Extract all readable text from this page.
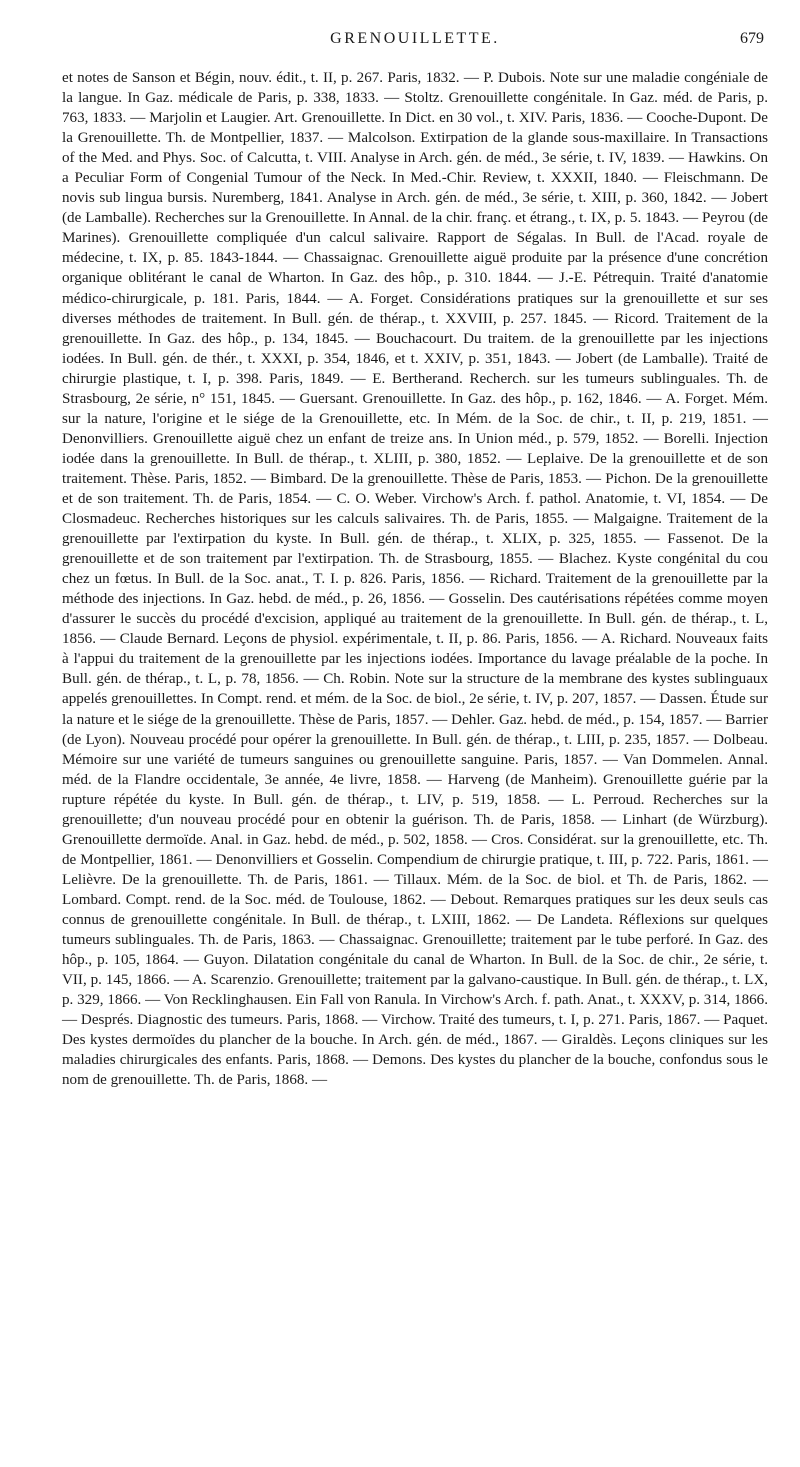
GRENOUILLETTE.	679

et notes de Sanson et Bégin, nouv. édit., t. II, p. 267. Paris, 1832. — P. Dubois. Note sur une maladie congéniale de la langue. In Gaz. médicale de Paris, p. 338, 1833. — Stoltz. Grenouillette congénitale. In Gaz. méd. de Paris, p. 763, 1833. — Marjolin et Laugier. Art. Grenouillette. In Dict. en 30 vol., t. XIV. Paris, 1836. — Cooche-Dupont. De la Grenouillette. Th. de Montpellier, 1837. — Malcolson. Extirpation de la glande sous-maxillaire. In Transactions of the Med. and Phys. Soc. of Calcutta, t. VIII. Analyse in Arch. gén. de méd., 3e série, t. IV, 1839. — Hawkins. On a Peculiar Form of Congenial Tumour of the Neck. In Med.-Chir. Review, t. XXXII, 1840. — Fleischmann. De novis sub lingua bursis. Nuremberg, 1841. Analyse in Arch. gén. de méd., 3e série, t. XIII, p. 360, 1842. — Jobert (de Lamballe). Recherches sur la Grenouillette. In Annal. de la chir. franç. et étrang., t. IX, p. 5. 1843. — Peyrou (de Marines). Grenouillette compliquée d'un calcul salivaire. Rapport de Ségalas. In Bull. de l'Acad. royale de médecine, t. IX, p. 85. 1843-1844. — Chassaignac. Grenouillette aiguë produite par la présence d'une concrétion organique oblitérant le canal de Wharton. In Gaz. des hôp., p. 310. 1844. — J.-E. Pétrequin. Traité d'anatomie médico-chirurgicale, p. 181. Paris, 1844. — A. Forget. Considérations pratiques sur la grenouillette et sur ses diverses méthodes de traitement. In Bull. gén. de thérap., t. XXVIII, p. 257. 1845. — Ricord. Traitement de la grenouillette. In Gaz. des hôp., p. 134, 1845. — Bouchacourt. Du traitem. de la grenouillette par les injections iodées. In Bull. gén. de thér., t. XXXI, p. 354, 1846, et t. XXIV, p. 351, 1843. — Jobert (de Lamballe). Traité de chirurgie plastique, t. I, p. 398. Paris, 1849. — E. Bertherand. Recherch. sur les tumeurs sublinguales. Th. de Strasbourg, 2e série, n° 151, 1845. — Guersant. Grenouillette. In Gaz. des hôp., p. 162, 1846. — A. Forget. Mém. sur la nature, l'origine et le siége de la Grenouillette, etc. In Mém. de la Soc. de chir., t. II, p. 219, 1851. — Denonvilliers. Grenouillette aiguë chez un enfant de treize ans. In Union méd., p. 579, 1852. — Borelli. Injection iodée dans la grenouillette. In Bull. de thérap., t. XLIII, p. 380, 1852. — Leplaive. De la grenouillette et de son traitement. Thèse. Paris, 1852. — Bimbard. De la grenouillette. Thèse de Paris, 1853. — Pichon. De la grenouillette et de son traitement. Th. de Paris, 1854. — C. O. Weber. Virchow's Arch. f. pathol. Anatomie, t. VI, 1854. — De Closmadeuc. Recherches historiques sur les calculs salivaires. Th. de Paris, 1855. — Malgaigne. Traitement de la grenouillette par l'extirpation du kyste. In Bull. gén. de thérap., t. XLIX, p. 325, 1855. — Fassenot. De la grenouillette et de son traitement par l'extirpation. Th. de Strasbourg, 1855. — Blachez. Kyste congénital du cou chez un fœtus. In Bull. de la Soc. anat., T. I. p. 826. Paris, 1856. — Richard. Traitement de la grenouillette par la méthode des injections. In Gaz. hebd. de méd., p. 26, 1856. — Gosselin. Des cautérisations répétées comme moyen d'assurer le succès du procédé d'excision, appliqué au traitement de la grenouillette. In Bull. gén. de thérap., t. L, 1856. — Claude Bernard. Leçons de physiol. expérimentale, t. II, p. 86. Paris, 1856. — A. Richard. Nouveaux faits à l'appui du traitement de la grenouillette par les injections iodées. Importance du lavage préalable de la poche. In Bull. gén. de thérap., t. L, p. 78, 1856. — Ch. Robin. Note sur la structure de la membrane des kystes sublinguaux appelés grenouillettes. In Compt. rend. et mém. de la Soc. de biol., 2e série, t. IV, p. 207, 1857. — Dassen. Étude sur la nature et le siége de la grenouillette. Thèse de Paris, 1857. — Dehler. Gaz. hebd. de méd., p. 154, 1857. — Barrier (de Lyon). Nouveau procédé pour opérer la grenouillette. In Bull. gén. de thérap., t. LIII, p. 235, 1857. — Dolbeau. Mémoire sur une variété de tumeurs sanguines ou grenouillette sanguine. Paris, 1857. — Van Dommelen. Annal. méd. de la Flandre occidentale, 3e année, 4e livre, 1858. — Harveng (de Manheim). Grenouillette guérie par la rupture répétée du kyste. In Bull. gén. de thérap., t. LIV, p. 519, 1858. — L. Perroud. Recherches sur la grenouillette; d'un nouveau procédé pour en obtenir la guérison. Th. de Paris, 1858. — Linhart (de Würzburg). Grenouillette dermoïde. Anal. in Gaz. hebd. de méd., p. 502, 1858. — Cros. Considérat. sur la grenouillette, etc. Th. de Montpellier, 1861. — Denonvilliers et Gosselin. Compendium de chirurgie pratique, t. III, p. 722. Paris, 1861. — Lelièvre. De la grenouillette. Th. de Paris, 1861. — Tillaux. Mém. de la Soc. de biol. et Th. de Paris, 1862. — Lombard. Compt. rend. de la Soc. méd. de Toulouse, 1862. — Debout. Remarques pratiques sur les deux seuls cas connus de grenouillette congénitale. In Bull. de thérap., t. LXIII, 1862. — De Landeta. Réflexions sur quelques tumeurs sublinguales. Th. de Paris, 1863. — Chassaignac. Grenouillette; traitement par le tube perforé. In Gaz. des hôp., p. 105, 1864. — Guyon. Dilatation congénitale du canal de Wharton. In Bull. de la Soc. de chir., 2e série, t. VII, p. 145, 1866. — A. Scarenzio. Grenouillette; traitement par la galvano-caustique. In Bull. gén. de thérap., t. LX, p. 329, 1866. — Von Recklinghausen. Ein Fall von Ranula. In Virchow's Arch. f. path. Anat., t. XXXV, p. 314, 1866. — Després. Diagnostic des tumeurs. Paris, 1868. — Virchow. Traité des tumeurs, t. I, p. 271. Paris, 1867. — Paquet. Des kystes dermoïdes du plancher de la bouche. In Arch. gén. de méd., 1867. — Giraldès. Leçons cliniques sur les maladies chirurgicales des enfants. Paris, 1868. — Demons. Des kystes du plancher de la bouche, confondus sous le nom de grenouillette. Th. de Paris, 1868. —
